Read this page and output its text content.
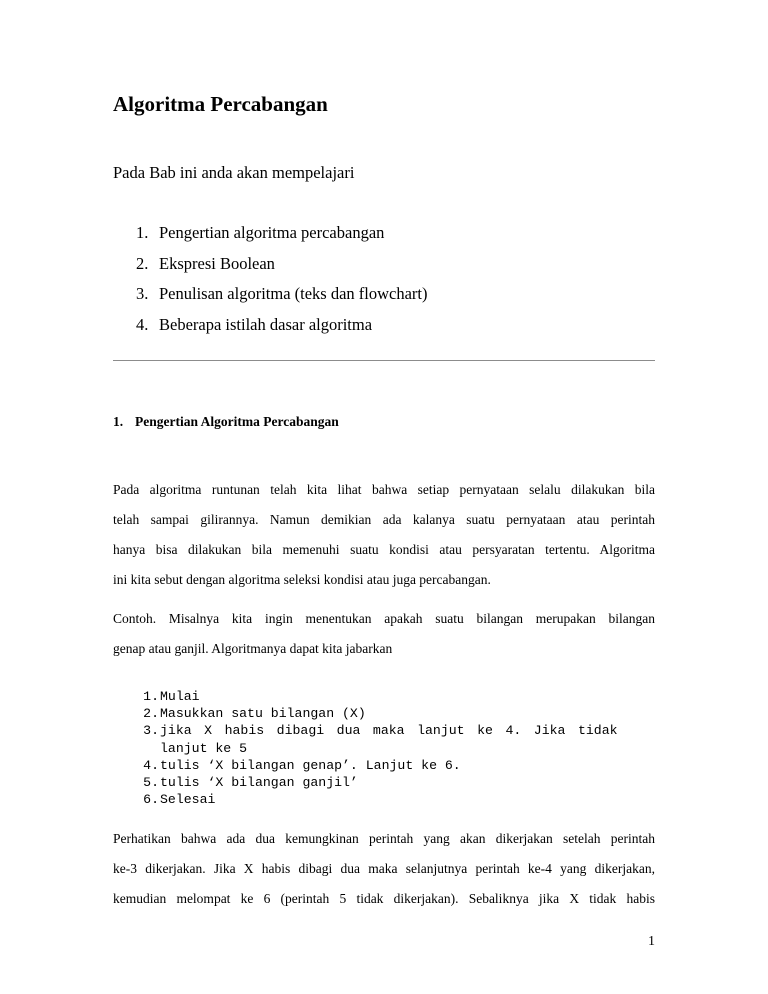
Algoritma Percabangan
Pada Bab ini anda akan mempelajari
1. Pengertian algoritma percabangan
2. Ekspresi Boolean
3. Penulisan algoritma (teks dan flowchart)
4. Beberapa istilah dasar algoritma
1. Pengertian Algoritma Percabangan
Pada algoritma runtunan telah kita lihat bahwa setiap pernyataan selalu dilakukan bila
telah sampai gilirannya. Namun demikian ada kalanya suatu pernyataan atau perintah
hanya bisa dilakukan bila memenuhi suatu kondisi atau persyaratan tertentu. Algoritma
ini kita sebut dengan algoritma seleksi kondisi atau juga percabangan.
Contoh. Misalnya kita ingin menentukan apakah suatu bilangan merupakan bilangan
genap atau ganjil. Algoritmanya dapat kita jabarkan
1. Mulai
2. Masukkan satu bilangan (X)
3. jika X habis dibagi dua maka lanjut ke 4. Jika tidak
lanjut ke 5
4. tulis ‘X bilangan genap’. Lanjut ke 6.
5. tulis ‘X bilangan ganjil’
6. Selesai
Perhatikan bahwa ada dua kemungkinan perintah yang akan dikerjakan setelah perintah
ke-3 dikerjakan. Jika X habis dibagi dua maka selanjutnya perintah ke-4 yang dikerjakan,
kemudian melompat ke 6 (perintah 5 tidak dikerjakan). Sebaliknya jika X tidak habis
1
